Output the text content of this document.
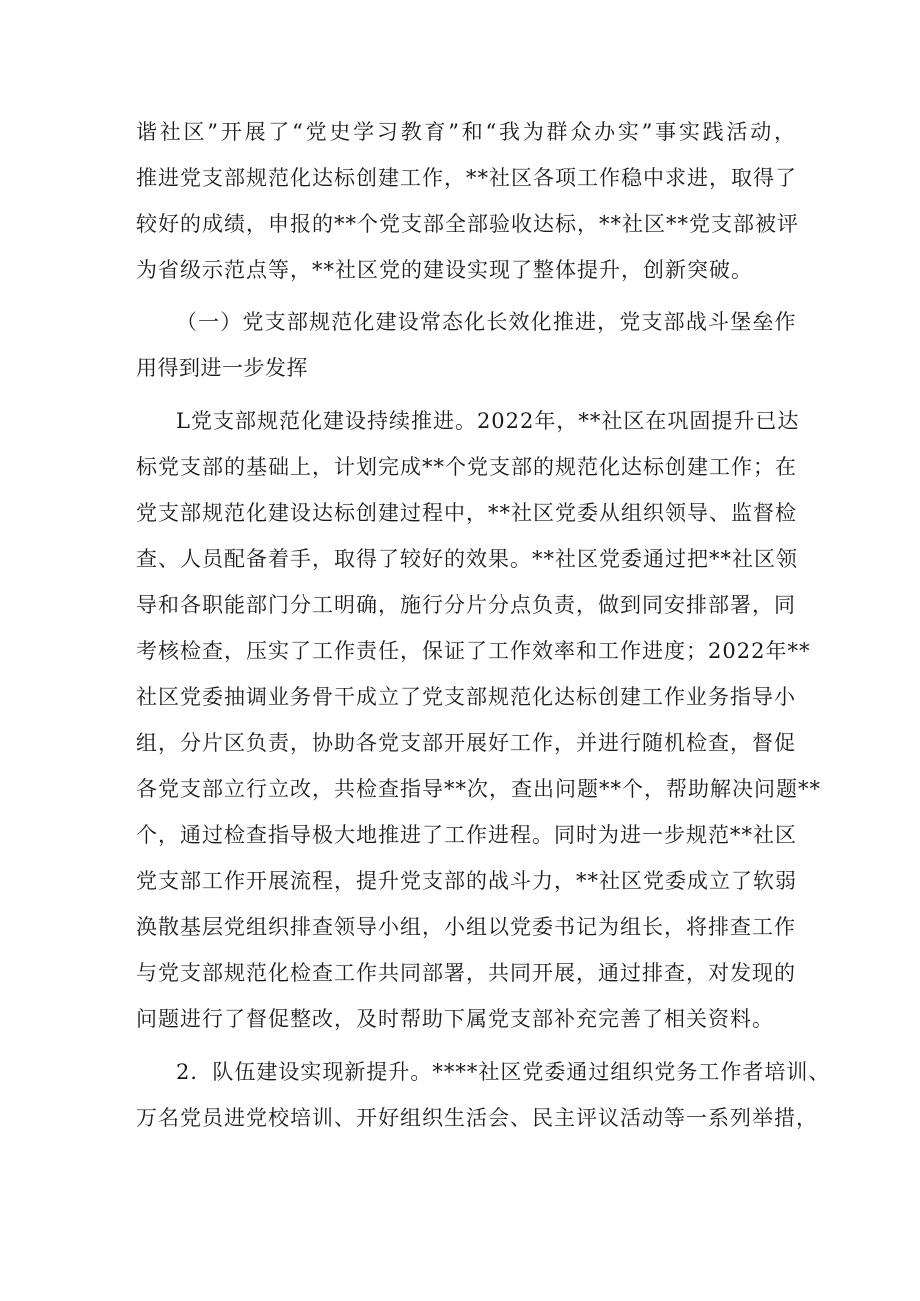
谐社区”开展了“党史学习教育”和“我为群众办实”事实践活动，
推进党支部规范化达标创建工作，**社区各项工作稳中求进，取得了
较好的成绩，申报的**个党支部全部验收达标，**社区**党支部被评
为省级示范点等，**社区党的建设实现了整体提升，创新突破。
（一）党支部规范化建设常态化长效化推进，党支部战斗堡垒作
用得到进一步发挥
L党支部规范化建设持续推进。2022年，**社区在巩固提升已达
标党支部的基础上，计划完成**个党支部的规范化达标创建工作；在
党支部规范化建设达标创建过程中，**社区党委从组织领导、监督检
查、人员配备着手，取得了较好的效果。**社区党委通过把**社区领
导和各职能部门分工明确，施行分片分点负责，做到同安排部署，同
考核检查，压实了工作责任，保证了工作效率和工作进度；2022年**
社区党委抽调业务骨干成立了党支部规范化达标创建工作业务指导小
组，分片区负责，协助各党支部开展好工作，并进行随机检查，督促
各党支部立行立改，共检查指导**次，查出问题**个，帮助解决问题**
个，通过检查指导极大地推进了工作进程。同时为进一步规范**社区
党支部工作开展流程，提升党支部的战斗力，**社区党委成立了软弱
涣散基层党组织排查领导小组，小组以党委书记为组长，将排查工作
与党支部规范化检查工作共同部署，共同开展，通过排查，对发现的
问题进行了督促整改，及时帮助下属党支部补充完善了相关资料。
2．队伍建设实现新提升。****社区党委通过组织党务工作者培训、
万名党员进党校培训、开好组织生活会、民主评议活动等一系列举措，
